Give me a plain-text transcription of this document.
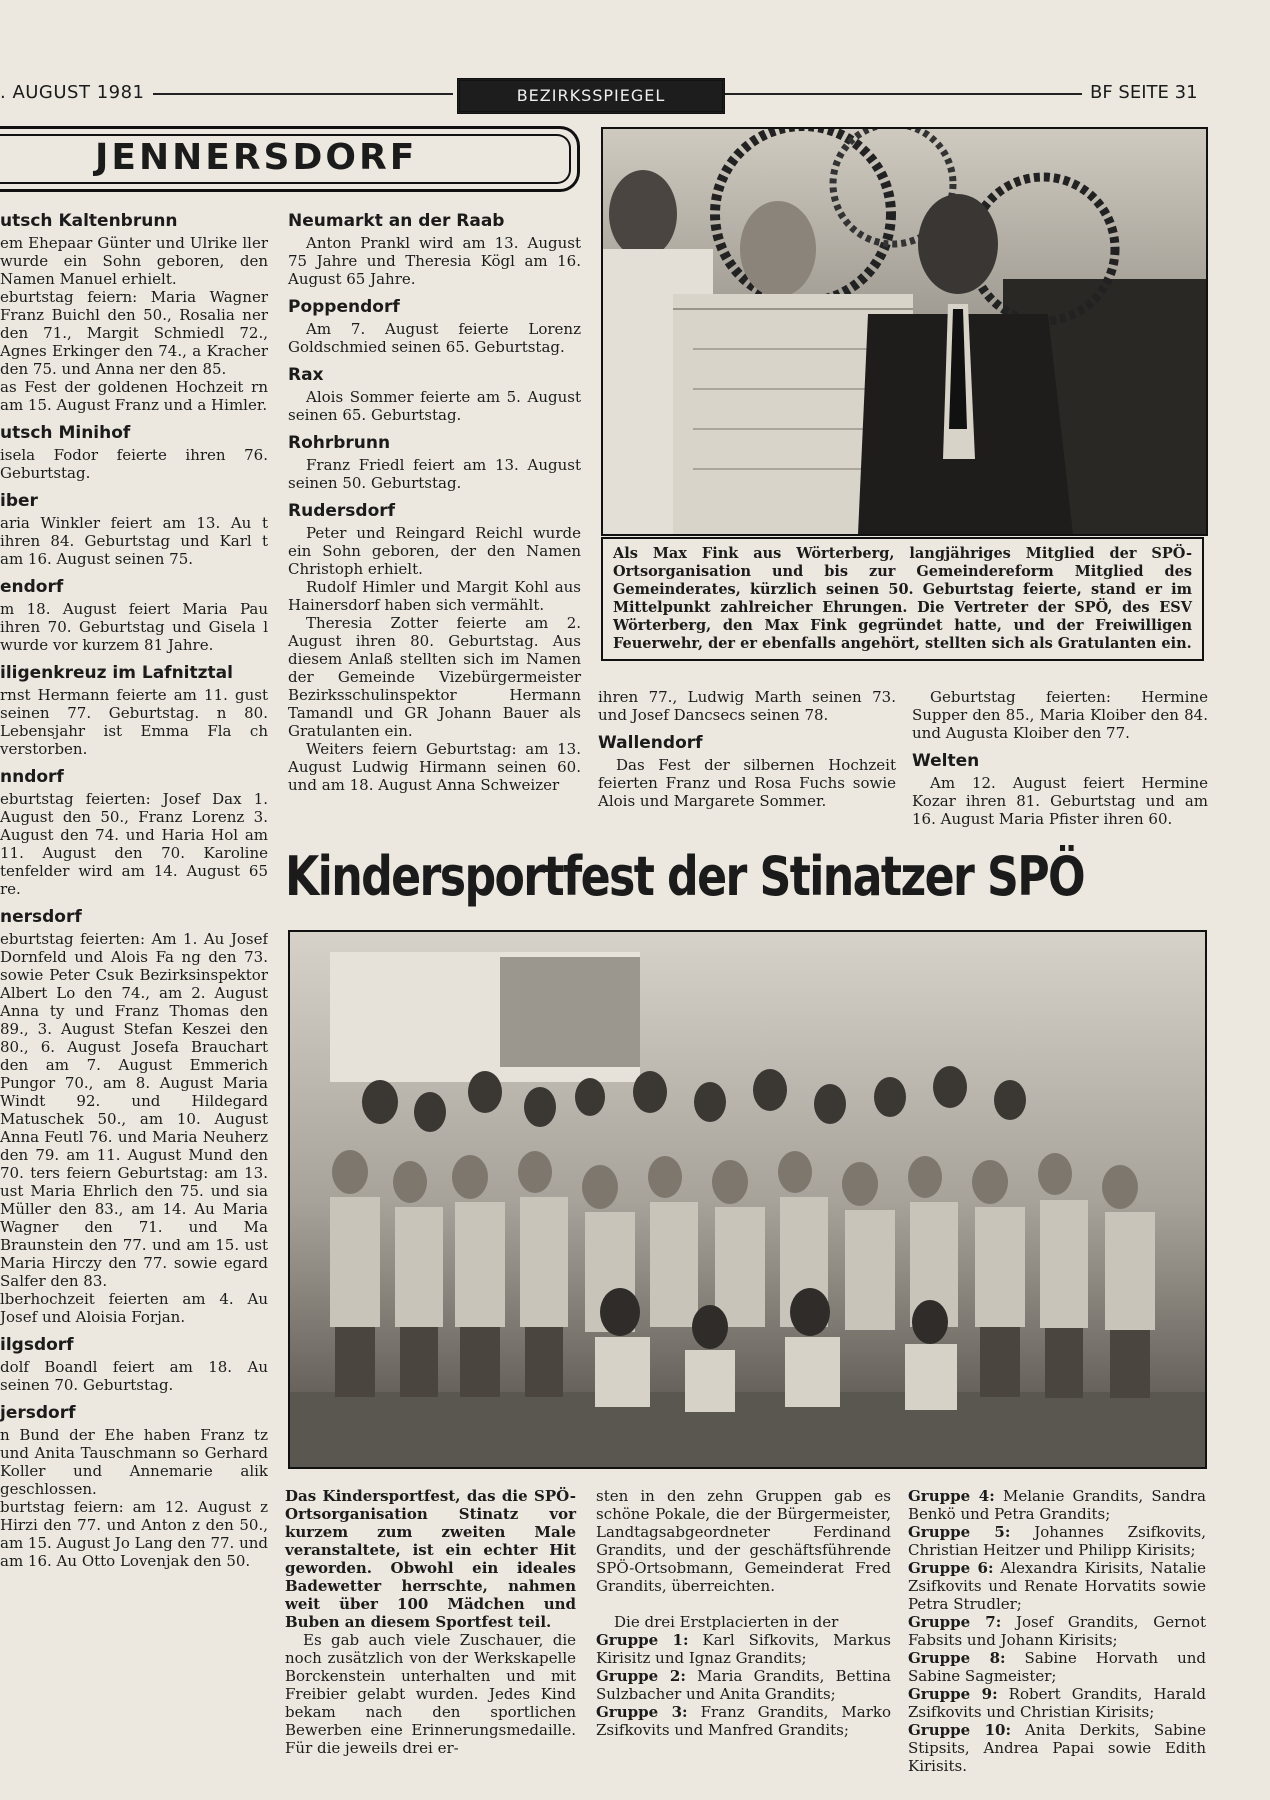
. AUGUST 1981	BEZIRKSSPIEGEL	BF SEITE 31
JENNERSDORF
utsch Kaltenbrunn

em Ehepaar Günter und Ulrike ller wurde ein Sohn geboren, den Namen Manuel erhielt.

eburtstag feiern: Maria Wagner Franz Buichl den 50., Rosalia ner den 71., Margit Schmiedl 72., Agnes Erkinger den 74., a Kracher den 75. und Anna ner den 85.

as Fest der goldenen Hochzeit rn am 15. August Franz und a Himler.

utsch Minihof

isela Fodor feierte ihren 76. Geburtstag.

iber

aria Winkler feiert am 13. Au t ihren 84. Geburtstag und Karl t am 16. August seinen 75.

endorf

m 18. August feiert Maria Pau ihren 70. Geburtstag und Gisela l wurde vor kurzem 81 Jahre.

iligenkreuz im Lafnitztal

rnst Hermann feierte am 11. gust seinen 77. Geburtstag. n 80. Lebensjahr ist Emma Fla ch verstorben.

nndorf

eburtstag feierten: Josef Dax 1. August den 50., Franz Lorenz 3. August den 74. und Haria Hol am 11. August den 70. Karoline tenfelder wird am 14. August 65 re.

nersdorf

eburtstag feierten: Am 1. Au Josef Dornfeld und Alois Fa ng den 73. sowie Peter Csuk Bezirksinspektor Albert Lo den 74., am 2. August Anna ty und Franz Thomas den 89., 3. August Stefan Keszei den 80., 6. August Josefa Brauchart den am 7. August Emmerich Pungor 70., am 8. August Maria Windt 92. und Hildegard Matuschek 50., am 10. August Anna Feutl 76. und Maria Neuherz den 79. am 11. August Mund den 70. ters feiern Geburtstag: am 13. ust Maria Ehrlich den 75. und sia Müller den 83., am 14. Au Maria Wagner den 71. und Ma Braunstein den 77. und am 15. ust Maria Hirczy den 77. sowie egard Salfer den 83.

lberhochzeit feierten am 4. Au Josef und Aloisia Forjan.

ilgsdorf

dolf Boandl feiert am 18. Au seinen 70. Geburtstag.

jersdorf

n Bund der Ehe haben Franz tz und Anita Tauschmann so Gerhard Koller und Annemarie alik geschlossen.

burtstag feiern: am 12. August z Hirzi den 77. und Anton z den 50., am 15. August Jo Lang den 77. und am 16. Au Otto Lovenjak den 50.

Neumarkt an der Raab

Anton Prankl wird am 13. August 75 Jahre und Theresia Kögl am 16. August 65 Jahre.

Poppendorf

Am 7. August feierte Lorenz Goldschmied seinen 65. Geburtstag.

Rax

Alois Sommer feierte am 5. August seinen 65. Geburtstag.

Rohrbrunn

Franz Friedl feiert am 13. August seinen 50. Geburtstag.

Rudersdorf

Peter und Reingard Reichl wurde ein Sohn geboren, der den Namen Christoph erhielt.

Rudolf Himler und Margit Kohl aus Hainersdorf haben sich vermählt.

Theresia Zotter feierte am 2. August ihren 80. Geburtstag. Aus diesem Anlaß stellten sich im Namen der Gemeinde Vizebürgermeister Bezirksschulinspektor Hermann Tamandl und GR Johann Bauer als Gratulanten ein.

Weiters feiern Geburtstag: am 13. August Ludwig Hirmann seinen 60. und am 18. August Anna Schweizer

Als Max Fink aus Wörterberg, langjähriges Mitglied der SPÖ-Ortsorganisation und bis zur Gemeindereform Mitglied des Gemeinderates, kürzlich seinen 50. Geburtstag feierte, stand er im Mittelpunkt zahlreicher Ehrungen. Die Vertreter der SPÖ, des ESV Wörterberg, den Max Fink gegründet hatte, und der Freiwilligen Feuerwehr, der er ebenfalls angehört, stellten sich als Gratulanten ein.

ihren 77., Ludwig Marth seinen 73. und Josef Dancsecs seinen 78.

Wallendorf

Das Fest der silbernen Hochzeit feierten Franz und Rosa Fuchs sowie Alois und Margarete Sommer.

Geburtstag feierten: Hermine Supper den 85., Maria Kloiber den 84. und Augusta Kloiber den 77.

Welten

Am 12. August feiert Hermine Kozar ihren 81. Geburtstag und am 16. August Maria Pfister ihren 60.

Kindersportfest der Stinatzer SPÖ

Das Kindersportfest, das die SPÖ-Ortsorganisation Stinatz vor kurzem zum zweiten Male veranstaltete, ist ein echter Hit geworden. Obwohl ein ideales Badewetter herrschte, nahmen weit über 100 Mädchen und Buben an diesem Sportfest teil.

Es gab auch viele Zuschauer, die noch zusätzlich von der Werkskapelle Borckenstein unterhalten und mit Freibier gelabt wurden. Jedes Kind bekam nach den sportlichen Bewerben eine Erinnerungsmedaille. Für die jeweils drei er-

sten in den zehn Gruppen gab es schöne Pokale, die der Bürgermeister, Landtagsabgeordneter Ferdinand Grandits, und der geschäftsführende SPÖ-Ortsobmann, Gemeinderat Fred Grandits, überreichten.

Die drei Erstplacierten in der

Gruppe 1: Karl Sifkovits, Markus Kirisitz und Ignaz Grandits;

Gruppe 2: Maria Grandits, Bettina Sulzbacher und Anita Grandits;

Gruppe 3: Franz Grandits, Marko Zsifkovits und Manfred Grandits;

Gruppe 4: Melanie Grandits, Sandra Benkö und Petra Grandits;

Gruppe 5: Johannes Zsifkovits, Christian Heitzer und Philipp Kirisits;

Gruppe 6: Alexandra Kirisits, Natalie Zsifkovits und Renate Horvatits sowie Petra Strudler;

Gruppe 7: Josef Grandits, Gernot Fabsits und Johann Kirisits;

Gruppe 8: Sabine Horvath und Sabine Sagmeister;

Gruppe 9: Robert Grandits, Harald Zsifkovits und Christian Kirisits;

Gruppe 10: Anita Derkits, Sabine Stipsits, Andrea Papai sowie Edith Kirisits.
